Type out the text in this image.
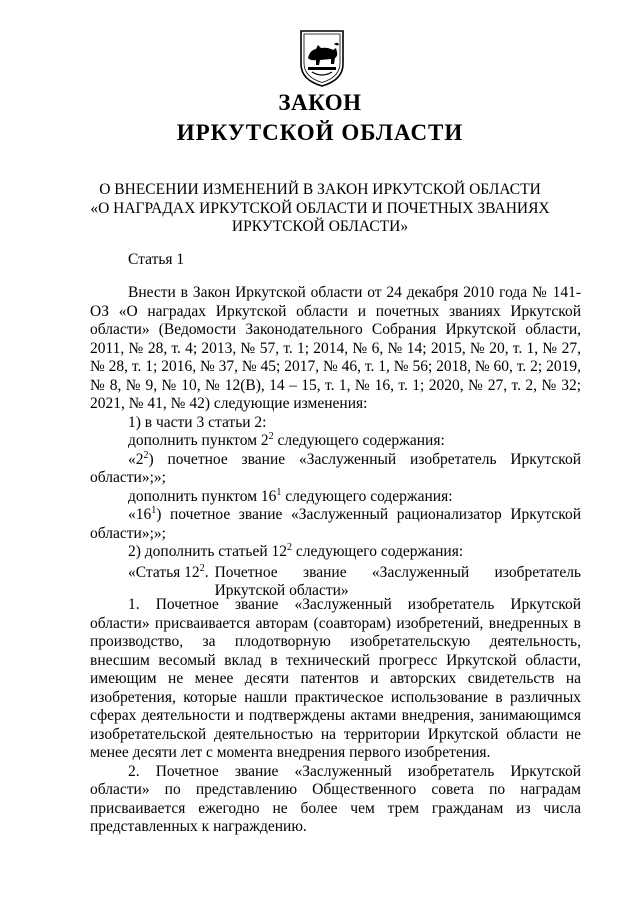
ЗАКОН
ИРКУТСКОЙ ОБЛАСТИ
О ВНЕСЕНИИ ИЗМЕНЕНИЙ В ЗАКОН ИРКУТСКОЙ ОБЛАСТИ
«О НАГРАДАХ ИРКУТСКОЙ ОБЛАСТИ И ПОЧЕТНЫХ ЗВАНИЯХ
ИРКУТСКОЙ ОБЛАСТИ»
Статья 1

Внести в Закон Иркутской области от 24 декабря 2010 года № 141-ОЗ «О наградах Иркутской области и почетных званиях Иркутской области» (Ведомости Законодательного Собрания Иркутской области, 2011, № 28, т. 4; 2013, № 57, т. 1; 2014, № 6, № 14; 2015, № 20, т. 1, № 27, № 28, т. 1; 2016, № 37, № 45; 2017, № 46, т. 1, № 56; 2018, № 60, т. 2; 2019, № 8, № 9, № 10, № 12(В), 14 – 15, т. 1, № 16, т. 1; 2020, № 27, т. 2, № 32; 2021, № 41, № 42) следующие изменения:

1) в части 3 статьи 2:

дополнить пунктом $2^2$ следующего содержания:

«$2^2$) почетное звание «Заслуженный изобретатель Иркутской области»;»;

дополнить пунктом $16^1$ следующего содержания:

«$16^1$) почетное звание «Заслуженный рационализатор Иркутской области»;»;

2) дополнить статьей $12^2$ следующего содержания:

«Статья $12^2$. Почетное звание «Заслуженный изобретатель Иркутской области»

1. Почетное звание «Заслуженный изобретатель Иркутской области» присваивается авторам (соавторам) изобретений, внедренных в производство, за плодотворную изобретательскую деятельность, внесшим весомый вклад в технический прогресс Иркутской области, имеющим не менее десяти патентов и авторских свидетельств на изобретения, которые нашли практическое использование в различных сферах деятельности и подтверждены актами внедрения, занимающимся изобретательской деятельностью на территории Иркутской области не менее десяти лет с момента внедрения первого изобретения.

2. Почетное звание «Заслуженный изобретатель Иркутской области» по представлению Общественного совета по наградам присваивается ежегодно не более чем трем гражданам из числа представленных к награждению.
